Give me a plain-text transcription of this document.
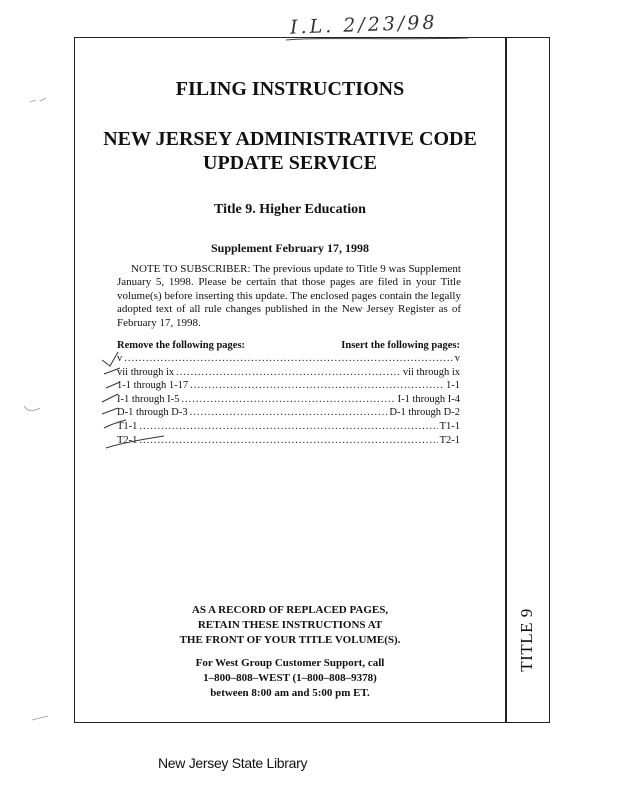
I.L. 2/23/98
TITLE 9
FILING INSTRUCTIONS
NEW JERSEY ADMINISTRATIVE CODE
UPDATE SERVICE
Title 9. Higher Education
Supplement February 17, 1998
NOTE TO SUBSCRIBER: The previous update to Title 9 was Supplement January 5, 1998. Please be certain that those pages are filed in your Title volume(s) before inserting this update. The enclosed pages contain the legally adopted text of all rule changes published in the New Jersey Register as of February 17, 1998.
Remove the following pages:	Insert the following pages:
v .....	v
vii through ix .....	vii through ix
1-1 through 1-17 .....	1-1
I-1 through I-5 .....	I-1 through I-4
D-1 through D-3 .....	D-1 through D-2
T1-1 .....	T1-1
T2-1 .....	T2-1
AS A RECORD OF REPLACED PAGES,
RETAIN THESE INSTRUCTIONS AT
THE FRONT OF YOUR TITLE VOLUME(S).
For West Group Customer Support, call
1–800–808–WEST (1–800–808–9378)
between 8:00 am and 5:00 pm ET.
New Jersey State Library
